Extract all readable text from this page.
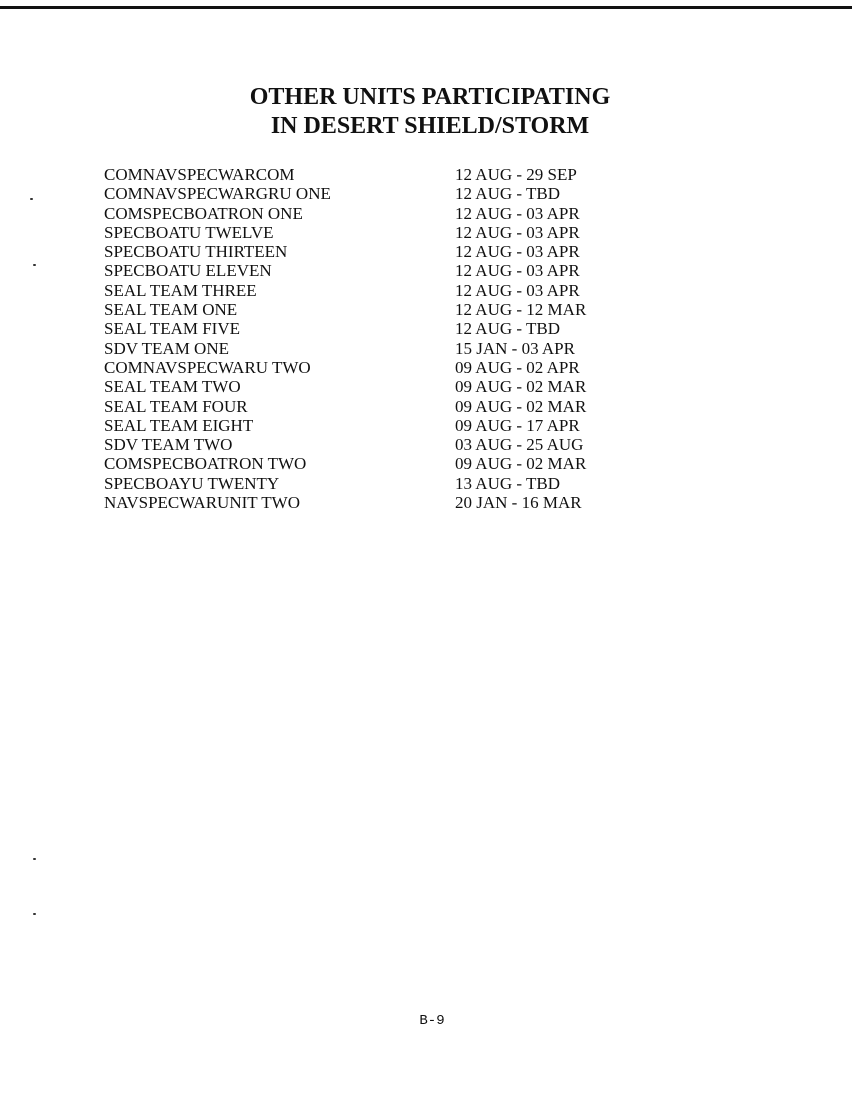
OTHER UNITS PARTICIPATING
IN DESERT SHIELD/STORM
COMNAVSPECWARCOM	12 AUG - 29 SEP
COMNAVSPECWARGRU ONE	12 AUG - TBD
COMSPECBOATRON ONE	12 AUG - 03 APR
SPECBOATU TWELVE	12 AUG - 03 APR
SPECBOATU THIRTEEN	12 AUG - 03 APR
SPECBOATU ELEVEN	12 AUG - 03 APR
SEAL TEAM THREE	12 AUG - 03 APR
SEAL TEAM ONE	12 AUG - 12 MAR
SEAL TEAM FIVE	12 AUG - TBD
SDV TEAM ONE	15 JAN - 03 APR
COMNAVSPECWARU TWO	09 AUG - 02 APR
SEAL TEAM TWO	09 AUG - 02 MAR
SEAL TEAM FOUR	09 AUG - 02 MAR
SEAL TEAM EIGHT	09 AUG - 17 APR
SDV TEAM TWO	03 AUG - 25 AUG
COMSPECBOATRON TWO	09 AUG - 02 MAR
SPECBOAYU TWENTY	13 AUG - TBD
NAVSPECWARUNIT TWO	20 JAN - 16 MAR
B-9
